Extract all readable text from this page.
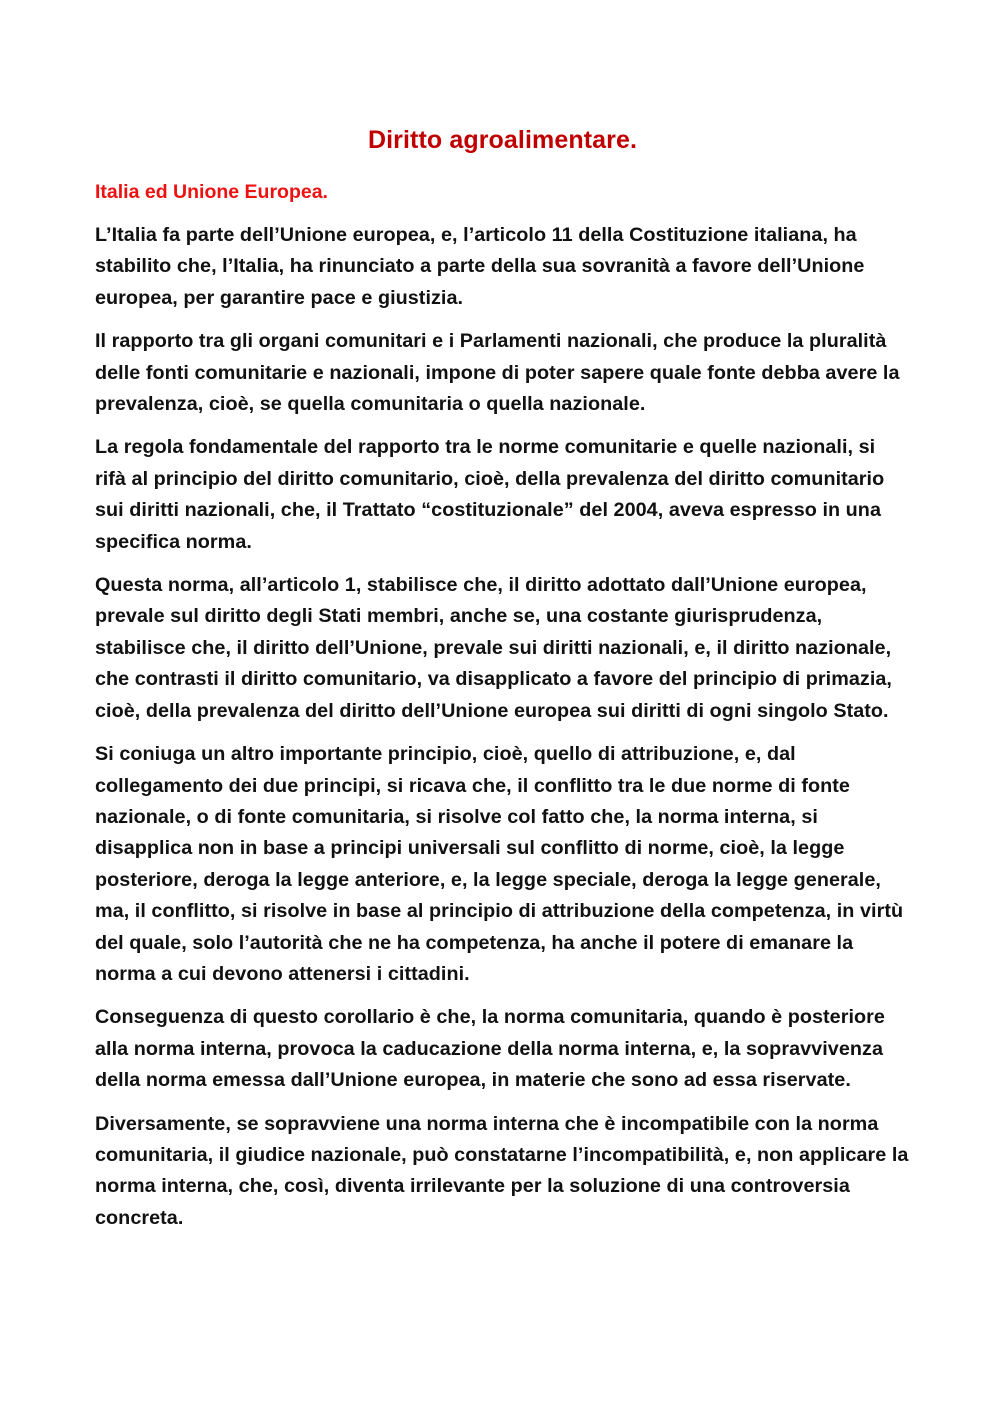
Diritto agroalimentare.
Italia ed Unione Europea.

L’Italia fa parte dell’Unione europea, e, l’articolo 11 della Costituzione italiana, ha stabilito che, l’Italia, ha rinunciato a parte della sua sovranità a favore dell’Unione europea, per garantire pace e giustizia.

Il rapporto tra gli organi comunitari e i Parlamenti nazionali, che produce la pluralità delle fonti comunitarie e nazionali, impone di poter sapere quale fonte debba avere la prevalenza, cioè, se quella comunitaria o quella nazionale.

La regola fondamentale del rapporto tra le norme comunitarie e quelle nazionali, si rifà al principio del diritto comunitario, cioè, della prevalenza del diritto comunitario sui diritti nazionali, che, il Trattato “costituzionale” del 2004, aveva espresso in una specifica norma.

Questa norma, all’articolo 1, stabilisce che, il diritto adottato dall’Unione europea, prevale sul diritto degli Stati membri, anche se, una costante giurisprudenza, stabilisce che, il diritto dell’Unione, prevale sui diritti nazionali, e, il diritto nazionale, che contrasti il diritto comunitario, va disapplicato a favore del principio di primazia, cioè, della prevalenza del diritto dell’Unione europea sui diritti di ogni singolo Stato.

Si coniuga un altro importante principio, cioè, quello di attribuzione, e, dal collegamento dei due principi, si ricava che, il conflitto tra le due norme di fonte nazionale, o di fonte comunitaria, si risolve col fatto che, la norma interna, si disapplica non in base a principi universali sul conflitto di norme, cioè, la legge posteriore, deroga la legge anteriore, e, la legge speciale, deroga la legge generale, ma, il conflitto, si risolve in base al principio di attribuzione della competenza, in virtù del quale, solo l’autorità che ne ha competenza, ha anche il potere di emanare la norma a cui devono attenersi i cittadini.

Conseguenza di questo corollario è che, la norma comunitaria, quando è posteriore alla norma interna, provoca la caducazione della norma interna, e, la sopravvivenza della norma emessa dall’Unione europea, in materie che sono ad essa riservate.

Diversamente, se sopravviene una norma interna che è incompatibile con la norma comunitaria, il giudice nazionale, può constatarne l’incompatibilità, e, non applicare la norma interna, che, così, diventa irrilevante per la soluzione di una controversia concreta.
